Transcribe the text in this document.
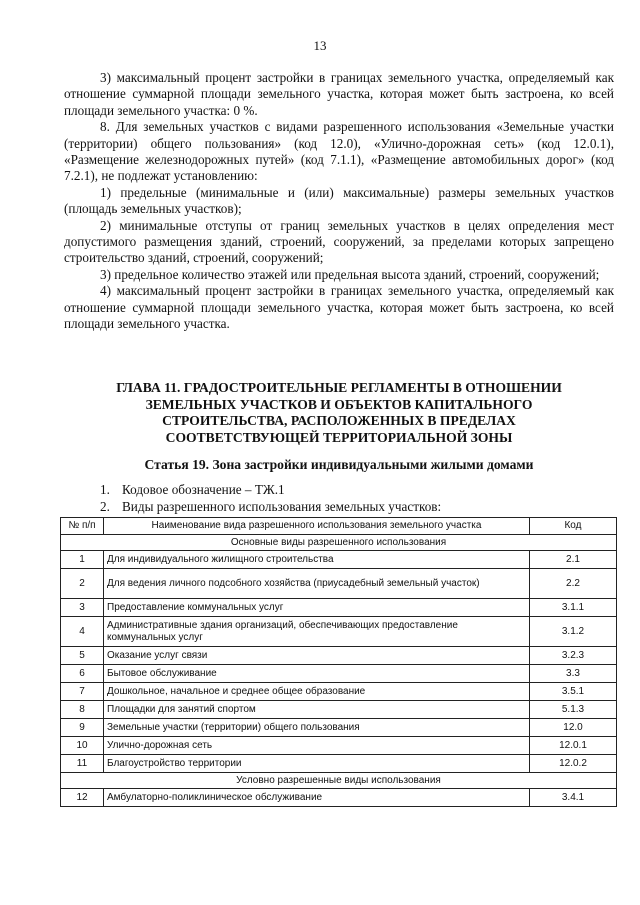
13

3) максимальный процент застройки в границах земельного участка, определяемый как отношение суммарной площади земельного участка, которая может быть застроена, ко всей площади земельного участка: 0 %.

8. Для земельных участков с видами разрешенного использования «Земельные участки (территории) общего пользования» (код 12.0), «Улично-дорожная сеть» (код 12.0.1), «Размещение железнодорожных путей» (код 7.1.1), «Размещение автомобильных дорог» (код 7.2.1), не подлежат установлению:

1) предельные (минимальные и (или) максимальные) размеры земельных участков (площадь земельных участков);

2) минимальные отступы от границ земельных участков в целях определения мест допустимого размещения зданий, строений, сооружений, за пределами которых запрещено строительство зданий, строений, сооружений;

3) предельное количество этажей или предельная высота зданий, строений, сооружений;

4) максимальный процент застройки в границах земельного участка, определяемый как отношение суммарной площади земельного участка, которая может быть застроена, ко всей площади земельного участка.

ГЛАВА 11. ГРАДОСТРОИТЕЛЬНЫЕ РЕГЛАМЕНТЫ В ОТНОШЕНИИ
ЗЕМЕЛЬНЫХ УЧАСТКОВ И ОБЪЕКТОВ КАПИТАЛЬНОГО
СТРОИТЕЛЬСТВА, РАСПОЛОЖЕННЫХ В ПРЕДЕЛАХ
СООТВЕТСТВУЮЩЕЙ ТЕРРИТОРИАЛЬНОЙ ЗОНЫ
Статья 19. Зона застройки индивидуальными жилыми домами
1. Кодовое обозначение – ТЖ.1
2. Виды разрешенного использования земельных участков:
№ п/п	Наименование вида разрешенного использования земельного участка	Код
Основные виды разрешенного использования		
1	Для индивидуального жилищного строительства	2.1
2	Для ведения личного подсобного хозяйства (приусадебный земельный участок)	2.2
3	Предоставление коммунальных услуг	3.1.1
4	Административные здания организаций, обеспечивающих предоставление коммунальных услуг	3.1.2
5	Оказание услуг связи	3.2.3
6	Бытовое обслуживание	3.3
7	Дошкольное, начальное и среднее общее образование	3.5.1
8	Площадки для занятий спортом	5.1.3
9	Земельные участки (территории) общего пользования	12.0
10	Улично-дорожная сеть	12.0.1
11	Благоустройство территории	12.0.2
Условно разрешенные виды использования		
12	Амбулаторно-поликлиническое обслуживание	3.4.1
